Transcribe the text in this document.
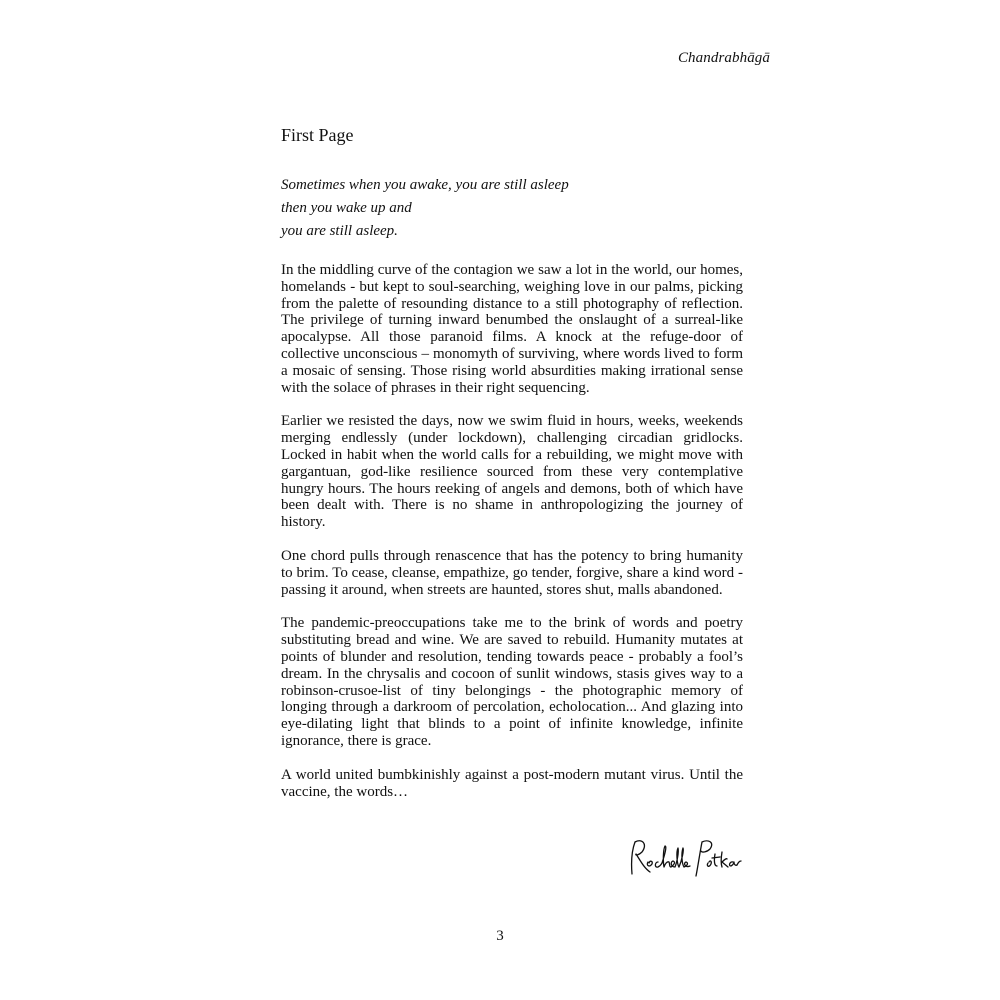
Chandrabhāgā
First Page
Sometimes when you awake, you are still asleep
then you wake up and
you are still asleep.

In the middling curve of the contagion we saw a lot in the world, our homes, homelands - but kept to soul-searching, weighing love in our palms, picking from the palette of resounding distance to a still photography of reflection. The privilege of turning inward benumbed the onslaught of a surreal-like apocalypse. All those paranoid films. A knock at the refuge-door of collective unconscious – monomyth of surviving, where words lived to form a mosaic of sensing. Those rising world absurdities making irrational sense with the solace of phrases in their right sequencing.

Earlier we resisted the days, now we swim fluid in hours, weeks, weekends merging endlessly (under lockdown), challenging circadian gridlocks. Locked in habit when the world calls for a rebuilding, we might move with gargantuan, god-like resilience sourced from these very contemplative hungry hours. The hours reeking of angels and demons, both of which have been dealt with. There is no shame in anthropologizing the journey of history.

One chord pulls through renascence that has the potency to bring humanity to brim. To cease, cleanse, empathize, go tender, forgive, share a kind word - passing it around, when streets are haunted, stores shut, malls abandoned.

The pandemic-preoccupations take me to the brink of words and poetry substituting bread and wine. We are saved to rebuild. Humanity mutates at points of blunder and resolution, tending towards peace - probably a fool’s dream. In the chrysalis and cocoon of sunlit windows, stasis gives way to a robinson-crusoe-list of tiny belongings - the photographic memory of longing through a darkroom of percolation, echolocation... And glazing into eye-dilating light that blinds to a point of infinite knowledge, infinite ignorance, there is grace.

A world united bumbkinishly against a post-modern mutant virus. Until the vaccine, the words…

3
